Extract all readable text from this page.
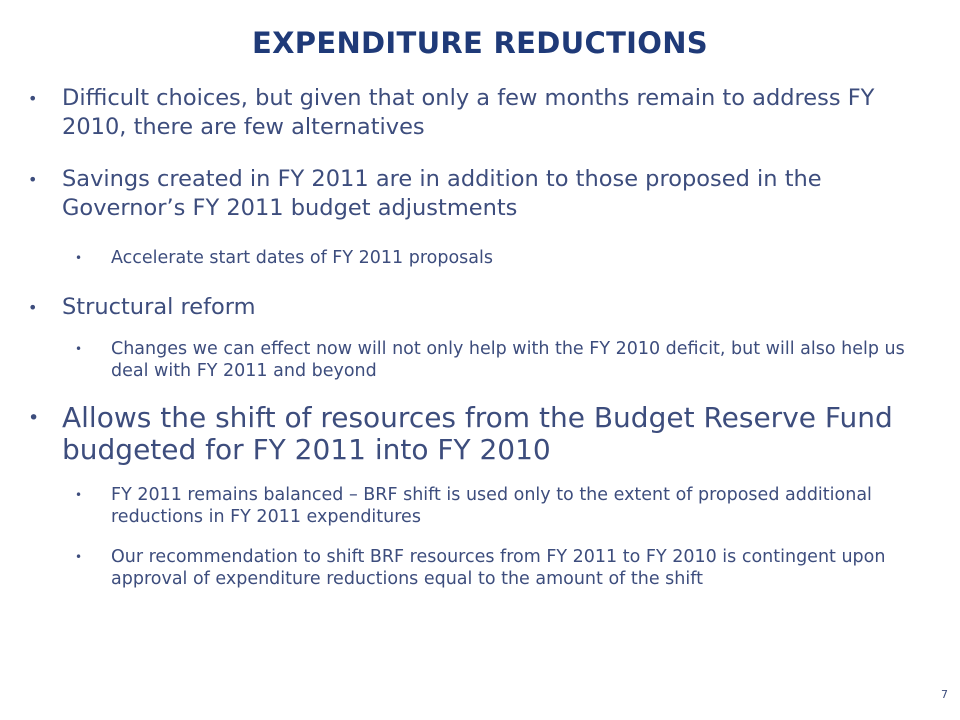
EXPENDITURE REDUCTIONS
• Difficult choices, but given that only a few months remain to address FY 2010, there are few alternatives
• Savings created in FY 2011 are in addition to those proposed in the Governor’s FY 2011 budget adjustments
• Accelerate start dates of FY 2011 proposals
• Structural reform
• Changes we can effect now will not only help with the FY 2010 deficit, but will also help us deal with FY 2011 and beyond
• Allows the shift of resources from the Budget Reserve Fund budgeted for FY 2011 into FY 2010
• FY 2011 remains balanced – BRF shift is used only to the extent of proposed additional reductions in FY 2011 expenditures
• Our recommendation to shift BRF resources from FY 2011 to FY 2010 is contingent upon approval of expenditure reductions equal to the amount of the shift
7
